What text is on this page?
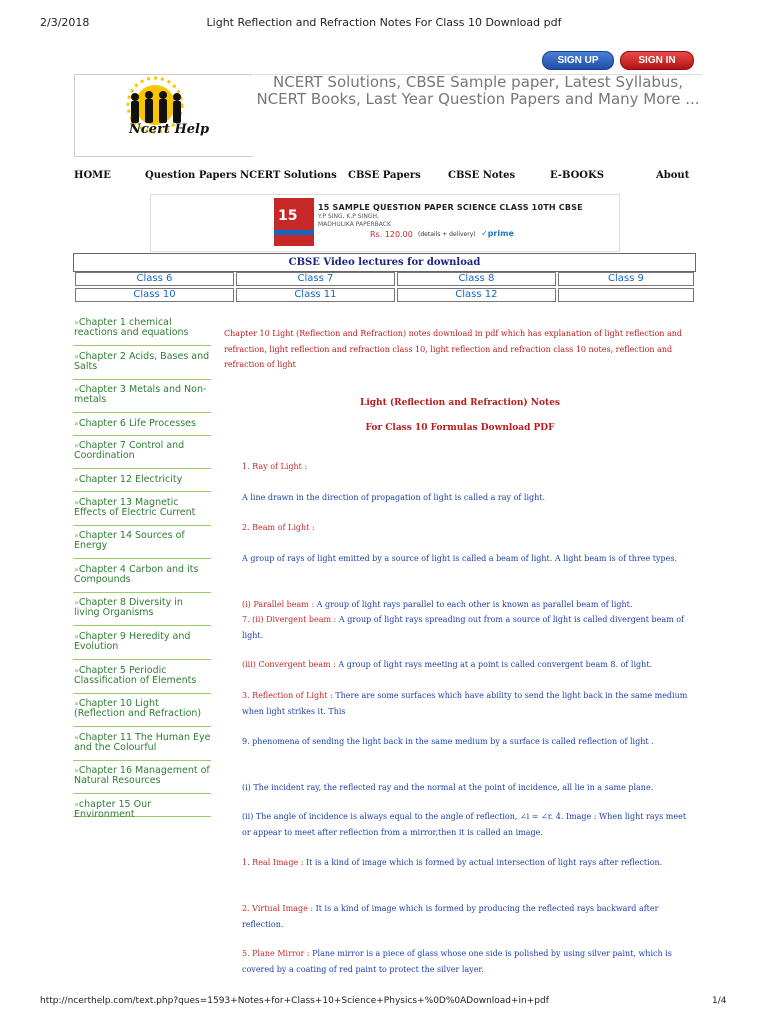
2/3/2018	Light Reflection and Refraction Notes For Class 10 Download pdf
SIGN UP	SIGN IN
Ncert Help
NCERT Solutions, CBSE Sample paper, Latest Syllabus, NCERT Books, Last Year Question Papers and Many More ...
HOME	Question Papers NCERT Solutions CBSE Papers	CBSE Notes	E-BOOKS	About
15
15 SAMPLE QUESTION PAPER SCIENCE CLASS 10TH CBSE
Y.P SING, K.P SINGH, MADHULIKA PAPERBACK
Rs. 120.00 (details + delivery) ✓prime
CBSE Video lectures for download
Class 6	Class 7	Class 8	Class 9
Class 10	Class 11	Class 12	
»Chapter 1 chemical reactions and equations
»Chapter 2 Acids, Bases and Salts
»Chapter 3 Metals and Non-metals
»Chapter 6 Life Processes
»Chapter 7 Control and Coordination
»Chapter 12 Electricity
»Chapter 13 Magnetic Effects of Electric Current
»Chapter 14 Sources of Energy
»Chapter 4 Carbon and its Compounds
»Chapter 8 Diversity in living Organisms
»Chapter 9 Heredity and Evolution
»Chapter 5 Periodic Classification of Elements
»Chapter 10 Light (Reflection and Refraction)
»Chapter 11 The Human Eye and the Colourful
»Chapter 16 Management of Natural Resources
»chapter 15 Our Environment
Chapter 10 Light (Reflection and Refraction) notes download in pdf which has explanation of light reflection and refraction, light reflection and refraction class 10, light reflection and refraction class 10 notes, reflection and refraction of light
Light (Reflection and Refraction) Notes
For Class 10 Formulas Download PDF
1. Ray of Light :
A line drawn in the direction of propagation of light is called a ray of light.
2. Beam of Light :
A group of rays of light emitted by a source of light is called a beam of light. A light beam is of three types.
(i) Parallel beam : A group of light rays parallel to each other is known as parallel beam of light.
7. (ii) Divergent beam : A group of light rays spreading out from a source of light is called divergent beam of light.
(iii) Convergent beam : A group of light rays meeting at a point is called convergent beam 8. of light.
3. Reflection of Light : There are some surfaces which have ability to send the light back in the same medium when light strikes it. This
9. phenomena of sending the light back in the same medium by a surface is called reflection of light .
(i) The incident ray, the reflected ray and the normal at the point of incidence, all lie in a same plane.
(ii) The angle of incidence is always equal to the angle of reflection, ∠i = ∠r. 4. Image : When light rays meet or appear to meet after reflection from a mirror,then it is called an image.
1. Real Image : It is a kind of image which is formed by actual intersection of light rays after reflection.
2. Virtual Image : It is a kind of image which is formed by producing the reflected rays backward after reflection.
5. Plane Mirror : Plane mirror is a piece of glass whose one side is polished by using silver paint, which is covered by a coating of red paint to protect the silver layer.
http://ncerthelp.com/text.php?ques=1593+Notes+for+Class+10+Science+Physics+%0D%0ADownload+in+pdf	1/4
